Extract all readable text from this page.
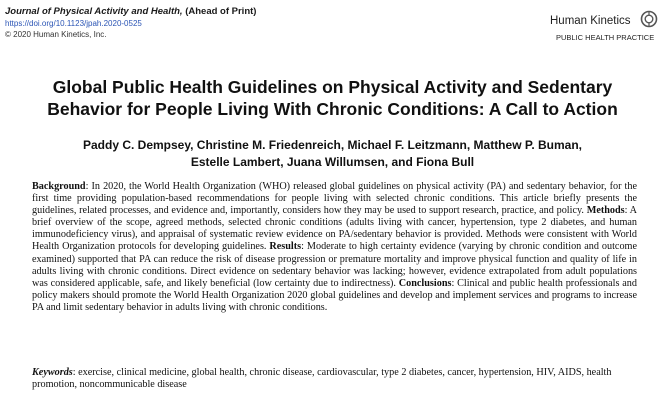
Journal of Physical Activity and Health, (Ahead of Print)
https://doi.org/10.1123/jpah.2020-0525
© 2020 Human Kinetics, Inc.
Human Kinetics
PUBLIC HEALTH PRACTICE
Global Public Health Guidelines on Physical Activity and Sedentary
Behavior for People Living With Chronic Conditions: A Call to Action
Paddy C. Dempsey, Christine M. Friedenreich, Michael F. Leitzmann, Matthew P. Buman,
Estelle Lambert, Juana Willumsen, and Fiona Bull

Background: In 2020, the World Health Organization (WHO) released global guidelines on physical activity (PA) and sedentary behavior, for the first time providing population-based recommendations for people living with selected chronic conditions. This article briefly presents the guidelines, related processes, and evidence and, importantly, considers how they may be used to support research, practice, and policy. Methods: A brief overview of the scope, agreed methods, selected chronic conditions (adults living with cancer, hypertension, type 2 diabetes, and human immunodeficiency virus), and appraisal of systematic review evidence on PA/sedentary behavior is provided. Methods were consistent with World Health Organization protocols for developing guidelines. Results: Moderate to high certainty evidence (varying by chronic condition and outcome examined) supported that PA can reduce the risk of disease progression or premature mortality and improve physical function and quality of life in adults living with chronic conditions. Direct evidence on sedentary behavior was lacking; however, evidence extrapolated from adult populations was considered applicable, safe, and likely beneficial (low certainty due to indirectness). Conclusions: Clinical and public health professionals and policy makers should promote the World Health Organization 2020 global guidelines and develop and implement services and programs to increase PA and limit sedentary behavior in adults living with chronic conditions.

Keywords: exercise, clinical medicine, global health, chronic disease, cardiovascular, type 2 diabetes, cancer, hypertension, HIV, AIDS, health promotion, noncommunicable disease
